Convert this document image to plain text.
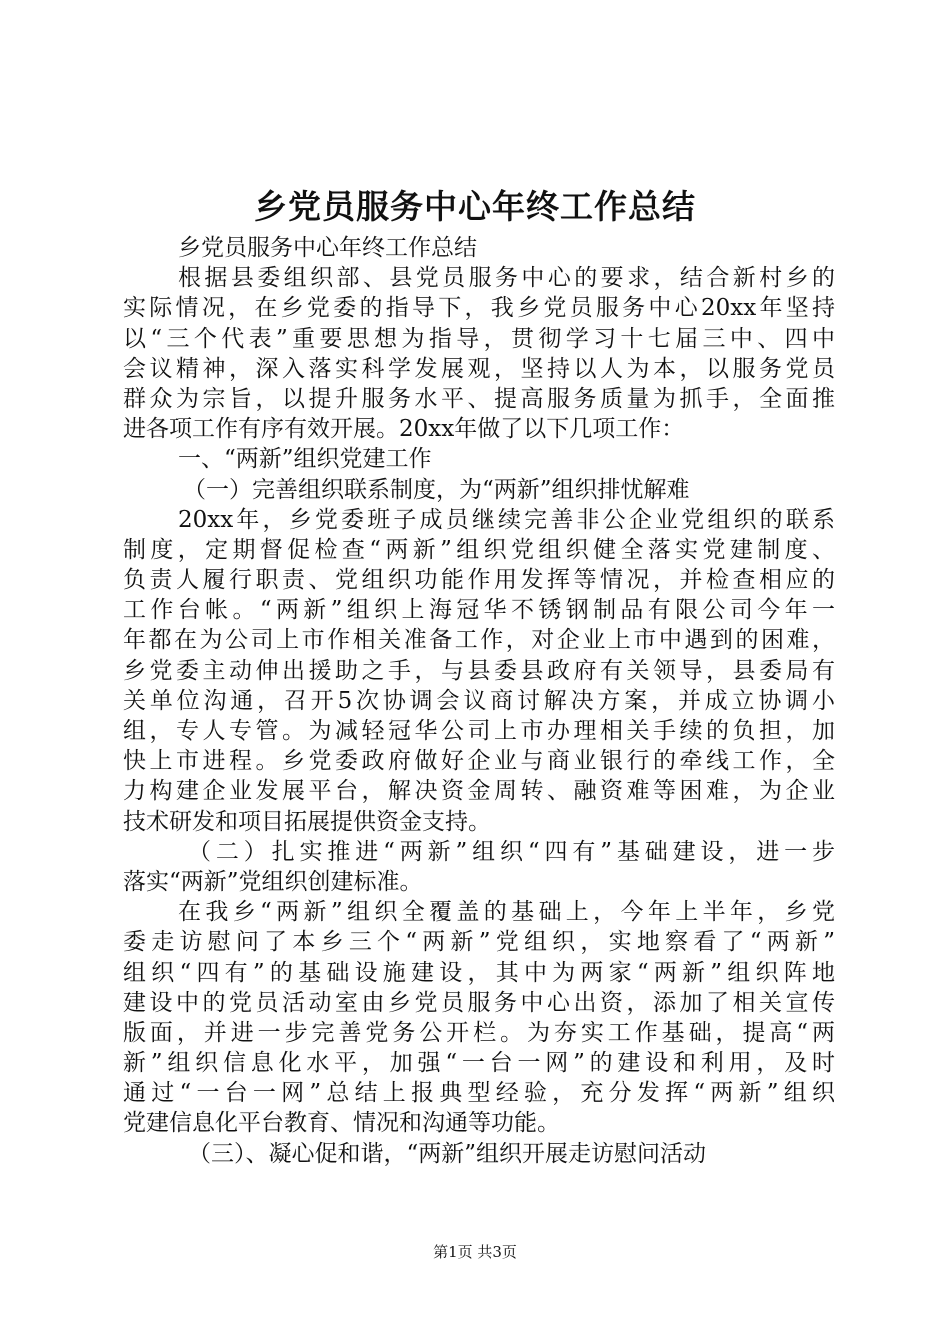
乡党员服务中心年终工作总结
乡党员服务中心年终工作总结
根据县委组织部、县党员服务中心的要求，结合新村乡的
实际情况，在乡党委的指导下，我乡党员服务中心20xx年坚持
以“三个代表”重要思想为指导，贯彻学习十七届三中、四中
会议精神，深入落实科学发展观，坚持以人为本，以服务党员
群众为宗旨，以提升服务水平、提高服务质量为抓手，全面推
进各项工作有序有效开展。20xx年做了以下几项工作：
一、“两新”组织党建工作
（一）完善组织联系制度，为“两新”组织排忧解难
20xx年，乡党委班子成员继续完善非公企业党组织的联系
制度，定期督促检查“两新”组织党组织健全落实党建制度、
负责人履行职责、党组织功能作用发挥等情况，并检查相应的
工作台帐。“两新”组织上海冠华不锈钢制品有限公司今年一
年都在为公司上市作相关准备工作，对企业上市中遇到的困难，
乡党委主动伸出援助之手，与县委县政府有关领导，县委局有
关单位沟通，召开5次协调会议商讨解决方案，并成立协调小
组，专人专管。为减轻冠华公司上市办理相关手续的负担，加
快上市进程。乡党委政府做好企业与商业银行的牵线工作，全
力构建企业发展平台，解决资金周转、融资难等困难，为企业
技术研发和项目拓展提供资金支持。
（二）扎实推进“两新”组织“四有”基础建设，进一步
落实“两新”党组织创建标准。
在我乡“两新”组织全覆盖的基础上，今年上半年，乡党
委走访慰问了本乡三个“两新”党组织，实地察看了“两新”
组织“四有”的基础设施建设，其中为两家“两新”组织阵地
建设中的党员活动室由乡党员服务中心出资，添加了相关宣传
版面，并进一步完善党务公开栏。为夯实工作基础，提高“两
新”组织信息化水平，加强“一台一网”的建设和利用，及时
通过“一台一网”总结上报典型经验，充分发挥“两新”组织
党建信息化平台教育、情况和沟通等功能。
（三）、凝心促和谐，“两新”组织开展走访慰问活动
第1页 共3页
